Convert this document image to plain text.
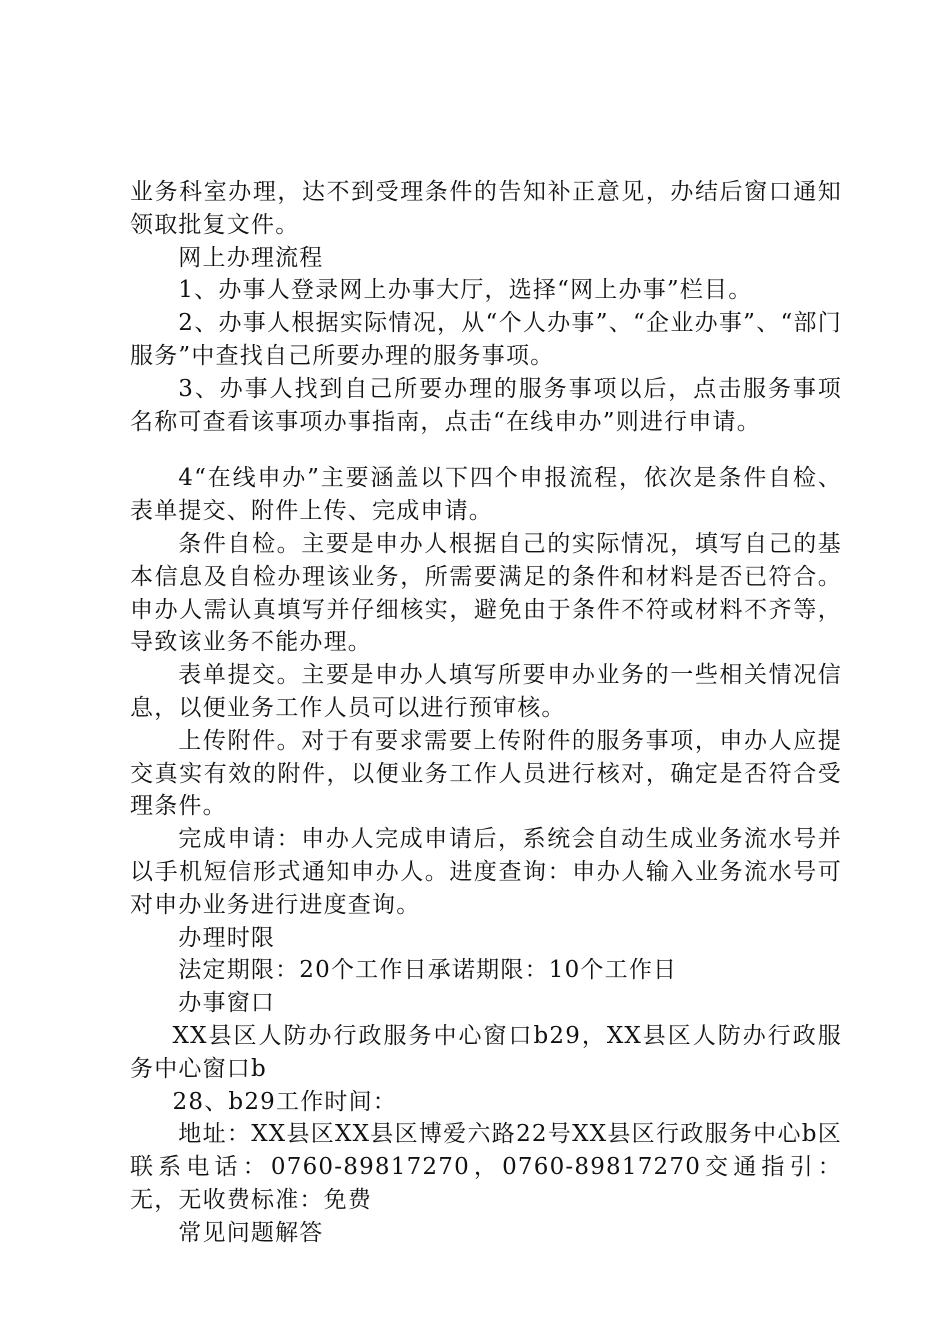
业务科室办理，达不到受理条件的告知补正意见，办结后窗口通知领取批复文件。

网上办理流程

1、办事人登录网上办事大厅，选择“网上办事”栏目。

2、办事人根据实际情况，从“个人办事”、“企业办事”、“部门服务”中查找自己所要办理的服务事项。

3、办事人找到自己所要办理的服务事项以后，点击服务事项名称可查看该事项办事指南，点击“在线申办”则进行申请。

4“在线申办”主要涵盖以下四个申报流程，依次是条件自检、表单提交、附件上传、完成申请。

条件自检。主要是申办人根据自己的实际情况，填写自己的基本信息及自检办理该业务，所需要满足的条件和材料是否已符合。申办人需认真填写并仔细核实，避免由于条件不符或材料不齐等，导致该业务不能办理。

表单提交。主要是申办人填写所要申办业务的一些相关情况信息，以便业务工作人员可以进行预审核。

上传附件。对于有要求需要上传附件的服务事项，申办人应提交真实有效的附件，以便业务工作人员进行核对，确定是否符合受理条件。

完成申请：申办人完成申请后，系统会自动生成业务流水号并以手机短信形式通知申办人。进度查询：申办人输入业务流水号可对申办业务进行进度查询。

办理时限

法定期限：20个工作日承诺期限：10个工作日

办事窗口

XX县区人防办行政服务中心窗口b29，XX县区人防办行政服务中心窗口b

28、b29工作时间：

地址：XX县区XX县区博爱六路22号XX县区行政服务中心b区联系电话：0760-89817270，0760-89817270交通指引：无，无收费标准：免费

常见问题解答
